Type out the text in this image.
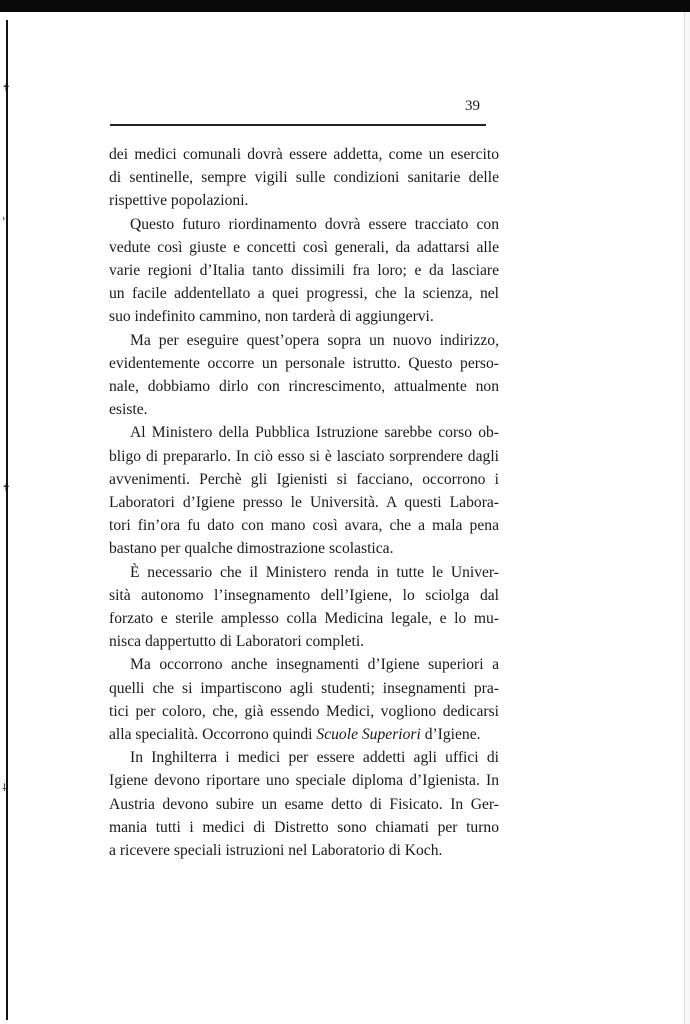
✝
›
✝
⸸
39

dei medici comunali dovrà essere addetta, come un esercito
di sentinelle, sempre vigili sulle condizioni sanitarie delle
rispettive popolazioni.

Questo futuro riordinamento dovrà essere tracciato con
vedute così giuste e concetti così generali, da adattarsi alle
varie regioni d’Italia tanto dissimili fra loro; e da lasciare
un facile addentellato a quei progressi, che la scienza, nel
suo indefinito cammino, non tarderà di aggiungervi.

Ma per eseguire quest’opera sopra un nuovo indirizzo,
evidentemente occorre un personale istrutto. Questo perso-
nale, dobbiamo dirlo con rincrescimento, attualmente non
esiste.

Al Ministero della Pubblica Istruzione sarebbe corso ob-
bligo di prepararlo. In ciò esso si è lasciato sorprendere dagli
avvenimenti. Perchè gli Igienisti si facciano, occorrono i
Laboratori d’Igiene presso le Università. A questi Labora-
tori fin’ora fu dato con mano così avara, che a mala pena
bastano per qualche dimostrazione scolastica.

È necessario che il Ministero renda in tutte le Univer-
sità autonomo l’insegnamento dell’Igiene, lo sciolga dal
forzato e sterile amplesso colla Medicina legale, e lo mu-
nisca dappertutto di Laboratori completi.

Ma occorrono anche insegnamenti d’Igiene superiori a
quelli che si impartiscono agli studenti; insegnamenti pra-
tici per coloro, che, già essendo Medici, vogliono dedicarsi
alla specialità. Occorrono quindi Scuole Superiori d’Igiene.

In Inghilterra i medici per essere addetti agli uffici di
Igiene devono riportare uno speciale diploma d’Igienista. In
Austria devono subire un esame detto di Fisicato. In Ger-
mania tutti i medici di Distretto sono chiamati per turno
a ricevere speciali istruzioni nel Laboratorio di Koch.
